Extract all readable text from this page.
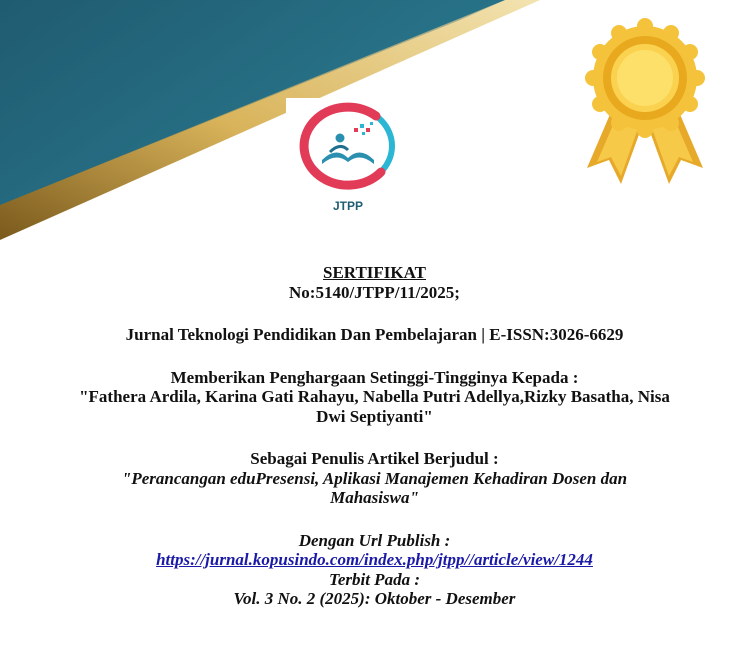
JTPP

SERTIFIKAT

No:5140/JTPP/11/2025;

Jurnal Teknologi Pendidikan Dan Pembelajaran | E-ISSN:3026-6629

Memberikan Penghargaan Setinggi-Tingginya Kepada :

"Fathera Ardila, Karina Gati Rahayu, Nabella Putri Adellya,Rizky Basatha, Nisa

Dwi Septiyanti"

Sebagai Penulis Artikel Berjudul :

"Perancangan eduPresensi, Aplikasi Manajemen Kehadiran Dosen dan

Mahasiswa"

Dengan Url Publish :

https://jurnal.kopusindo.com/index.php/jtpp//article/view/1244

Terbit Pada :

Vol. 3 No. 2 (2025): Oktober - Desember
